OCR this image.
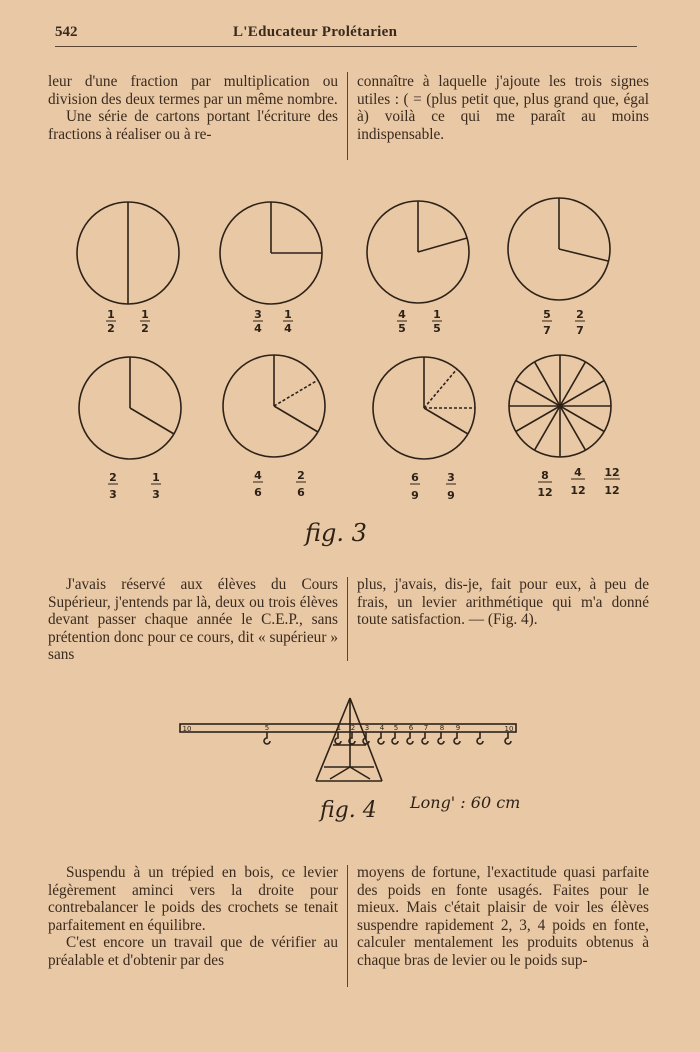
542	L'Educateur Prolétarien

leur d'une fraction par multiplication ou division des deux termes par un même nombre.

Une série de cartons portant l'écriture des fractions à réaliser ou à re-

connaître à laquelle j'ajoute les trois signes utiles : ( = (plus petit que, plus grand que, égal à) voilà ce qui me paraît au moins indispensable.

1
2
1
2
3
4
1
4
4
5
1
5
5
7
2
7
2
3
1
3
4
6
2
6
6
9
3
9
8
12
4
12
12
12
fig. 3

J'avais réservé aux élèves du Cours Supérieur, j'entends par là, deux ou trois élèves devant passer chaque année le C.E.P., sans prétention donc pour ce cours, dit « supérieur » sans

plus, j'avais, dis-je, fait pour eux, à peu de frais, un levier arithmétique qui m'a donné toute satisfaction. — (Fig. 4).

10	5	1 2 3 4 5 6 7 8 9	10
fig. 4 Long' : 60 cm

Suspendu à un trépied en bois, ce levier légèrement aminci vers la droite pour contrebalancer le poids des crochets se tenait parfaitement en équilibre.

C'est encore un travail que de vérifier au préalable et d'obtenir par des

moyens de fortune, l'exactitude quasi parfaite des poids en fonte usagés. Faites pour le mieux. Mais c'était plaisir de voir les élèves suspendre rapidement 2, 3, 4 poids en fonte, calculer mentalement les produits obtenus à chaque bras de levier ou le poids sup-
